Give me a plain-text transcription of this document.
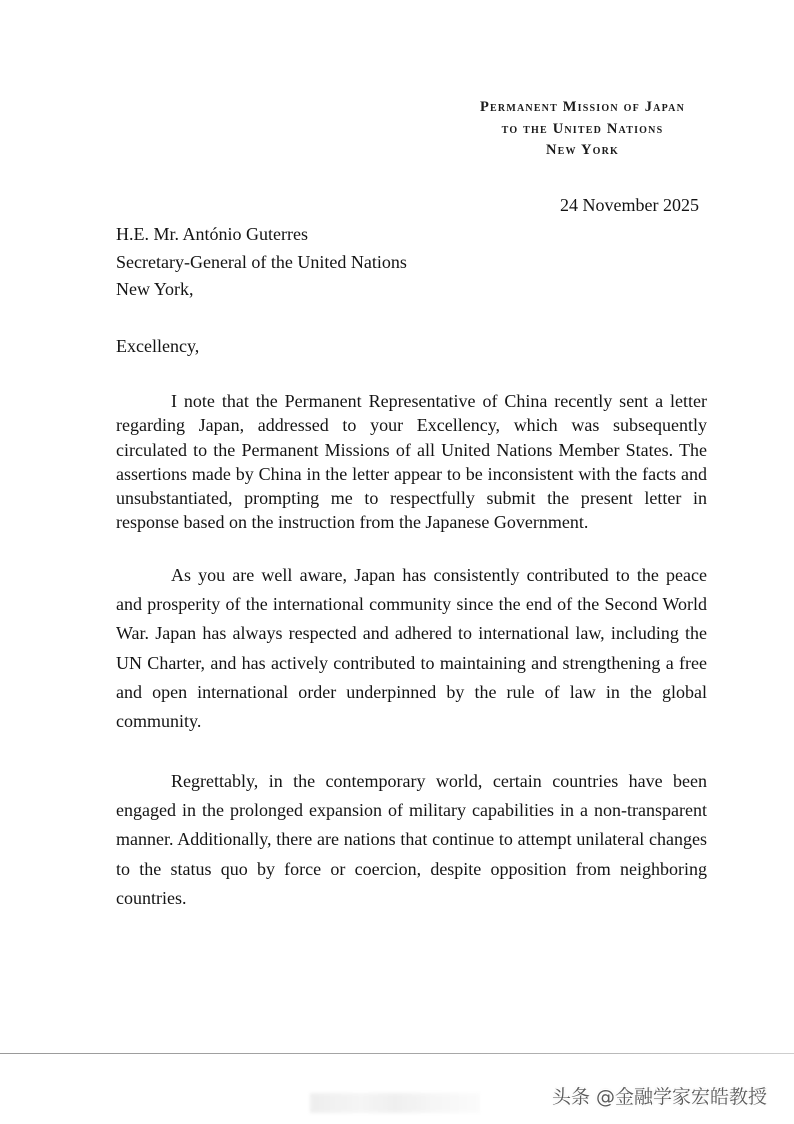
Permanent Mission of Japan
to the United Nations
New York
24 November 2025
H.E. Mr. António Guterres
Secretary-General of the United Nations
New York,
Excellency,

I note that the Permanent Representative of China recently sent a letter regarding Japan, addressed to your Excellency, which was subsequently circulated to the Permanent Missions of all United Nations Member States. The assertions made by China in the letter appear to be inconsistent with the facts and unsubstantiated, prompting me to respectfully submit the present letter in response based on the instruction from the Japanese Government.

As you are well aware, Japan has consistently contributed to the peace and prosperity of the international community since the end of the Second World War. Japan has always respected and adhered to international law, including the UN Charter, and has actively contributed to maintaining and strengthening a free and open international order underpinned by the rule of law in the global community.

Regrettably, in the contemporary world, certain countries have been engaged in the prolonged expansion of military capabilities in a non-transparent manner. Additionally, there are nations that continue to attempt unilateral changes to the status quo by force or coercion, despite opposition from neighboring countries.

头条 @金融学家宏皓教授
